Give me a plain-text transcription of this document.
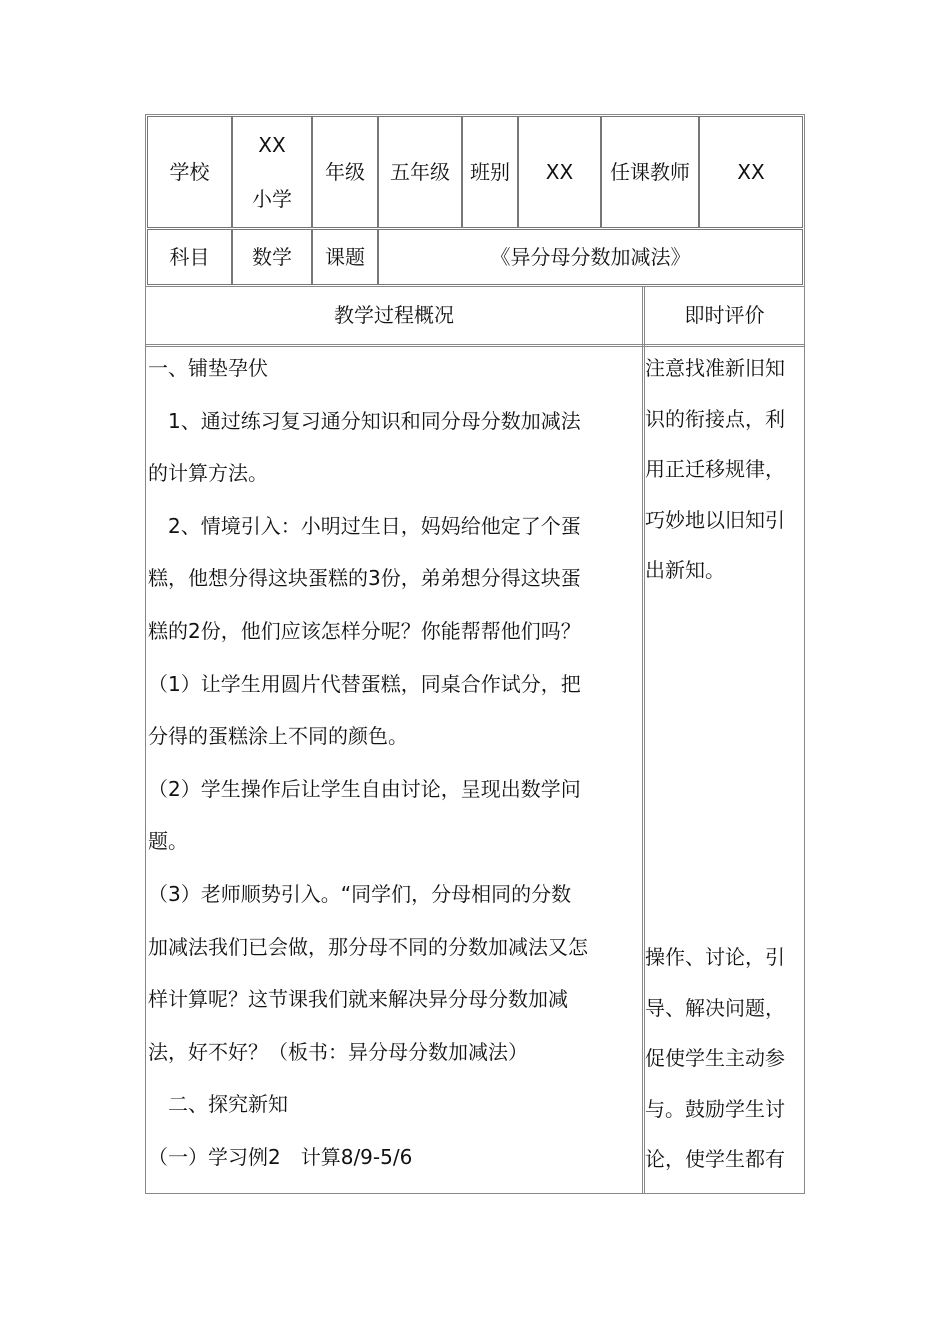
学校
XX
小学
年级 五年级 班别 XX 任课教师 XX
科目 数学 课题	《异分母分数加减法》
教学过程概况	即时评价

一、铺垫孕伏

　1、通过练习复习通分知识和同分母分数加减法

的计算方法。

　2、情境引入：小明过生日，妈妈给他定了个蛋

糕，他想分得这块蛋糕的3份，弟弟想分得这块蛋

糕的2份，他们应该怎样分呢？你能帮帮他们吗？

（1）让学生用圆片代替蛋糕，同桌合作试分，把

分得的蛋糕涂上不同的颜色。

（2）学生操作后让学生自由讨论，呈现出数学问

题。

（3）老师顺势引入。“同学们，分母相同的分数

加减法我们已会做，那分母不同的分数加减法又怎

样计算呢？这节课我们就来解决异分母分数加减

法，好不好？（板书：异分母分数加减法）

　二、探究新知

（一）学习例2　计算8/9-5/6

注意找准新旧知

识的衔接点，利

用正迁移规律，

巧妙地以旧知引

出新知。

操作、讨论，引

导、解决问题，

促使学生主动参

与。鼓励学生讨

论，使学生都有
